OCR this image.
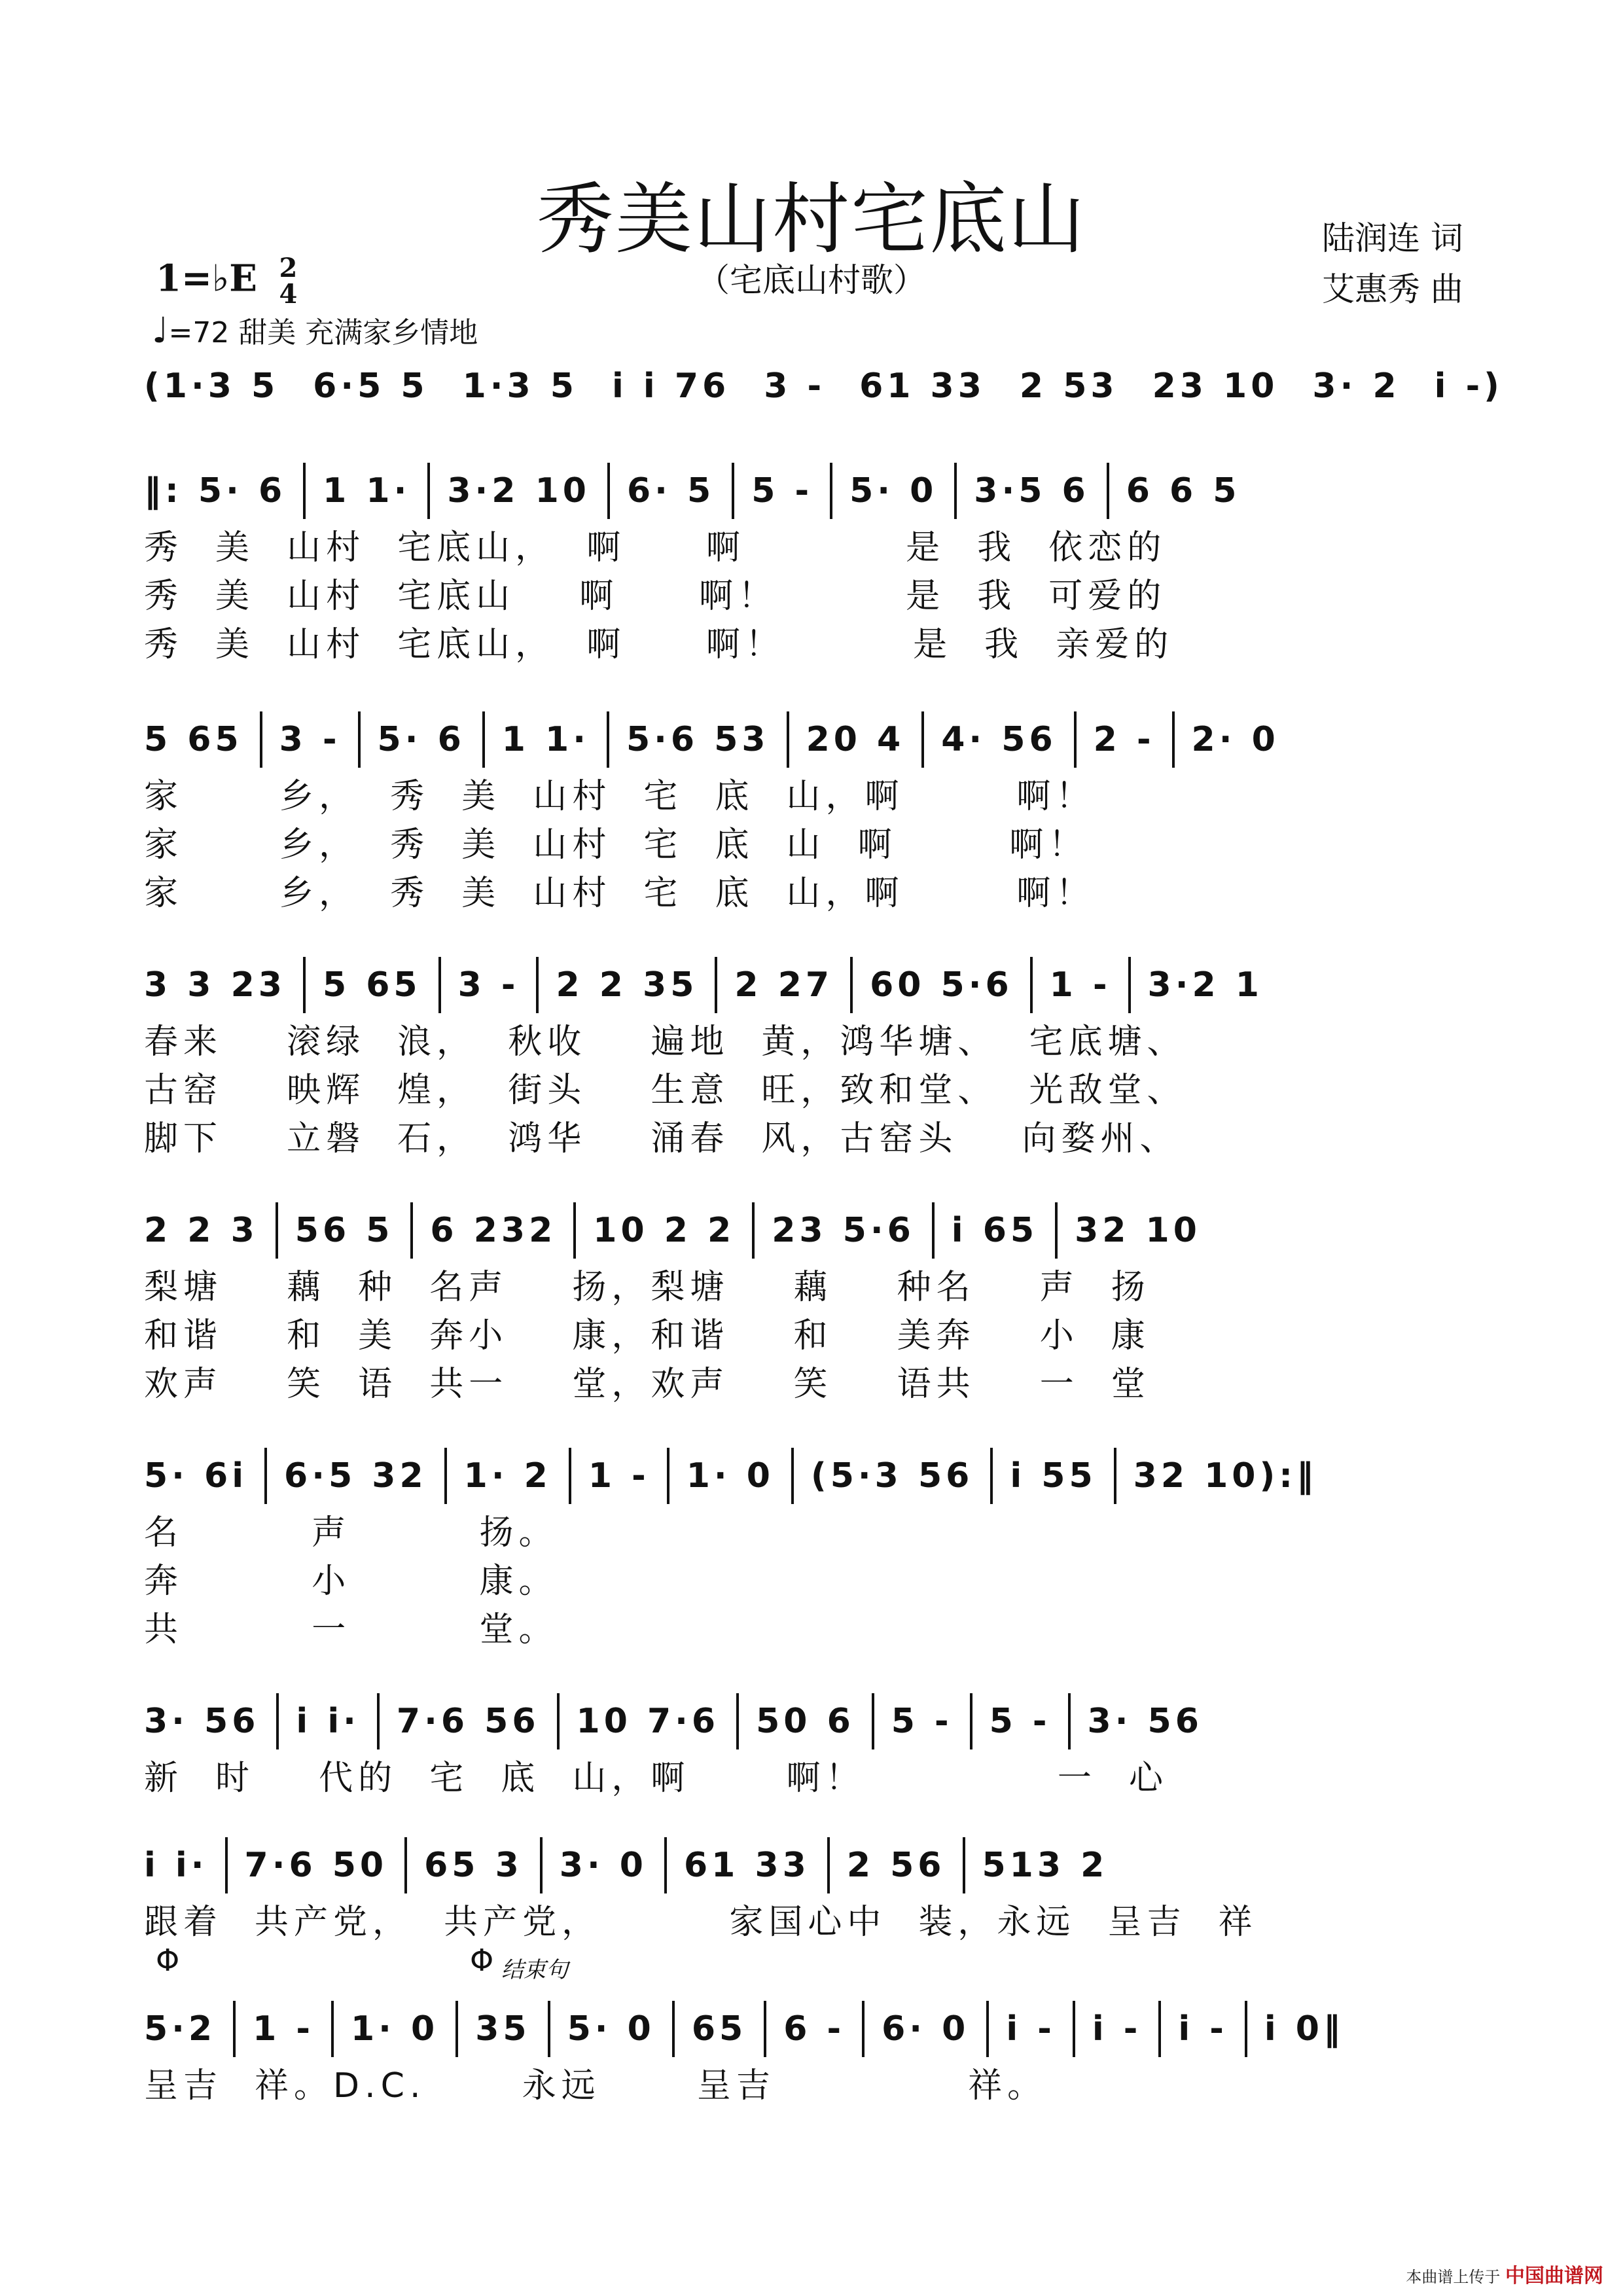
秀美山村宅底山
（宅底山村歌）
陆润连 词
艾惠秀 曲
1=♭E 2
4
♩=72 甜美 充满家乡情地
(1·3 5 6·5 5 1·3 5 i i 76 3 - 61 33 2 53 23 10 3· 2 i -)
‖: 5· 6 1 1· 3·2 10 6· 5 5 - 5· 0 3·5 6 6 6 5
秀  美  山村  宅底山，  啊     啊          是  我  依恋的
秀  美  山村  宅底山    啊     啊！        是  我  可爱的
秀  美  山村  宅底山，  啊     啊！        是  我  亲爱的
5 65 3 - 5· 6 1 1· 5·6 53 20 4 4· 56 2 - 2· 0
家      乡，  秀  美  山村  宅  底  山，啊       啊！
家      乡，  秀  美  山村  宅  底  山  啊       啊！
家      乡，  秀  美  山村  宅  底  山，啊       啊！
3 3 23 5 65 3 - 2 2 35 2 27 60 5·6 1 - 3·2 1
春来    滚绿  浪，  秋收    遍地  黄，鸿华塘、  宅底塘、
古窑    映辉  煌，  街头    生意  旺，致和堂、  光敌堂、
脚下    立磐  石，  鸿华    涌春  风，古窑头    向婺州、
2 2 3 56 5 6 232 10 2 2 23 5·6 i 65 32 10
梨塘    藕  种  名声    扬，梨塘    藕    种名    声  扬
和谐    和  美  奔小    康，和谐    和    美奔    小  康
欢声    笑  语  共一    堂，欢声    笑    语共    一  堂
5· 6i 6·5 32 1· 2 1 - 1· 0 (5·3 56 i 55 32 10):‖
名        声        扬。
奔        小        康。
共        一        堂。
3· 56 i i· 7·6 56 10 7·6 50 6 5 - 5 - 3· 56
新  时    代的  宅  底  山，啊      啊！            一  心
i i· 7·6 50 65 3 3· 0 61 33 2 56 513 2
跟着  共产党，  共产党，        家国心中  装，永远  呈吉  祥
5·2 1 - 1· 0 35 5· 0 65 6 - 6· 0 i - i - i - i 0‖
呈吉  祥。D.C.      永远      呈吉            祥。
Φ	Φ 结束句
本曲谱上传于 中国曲谱网
